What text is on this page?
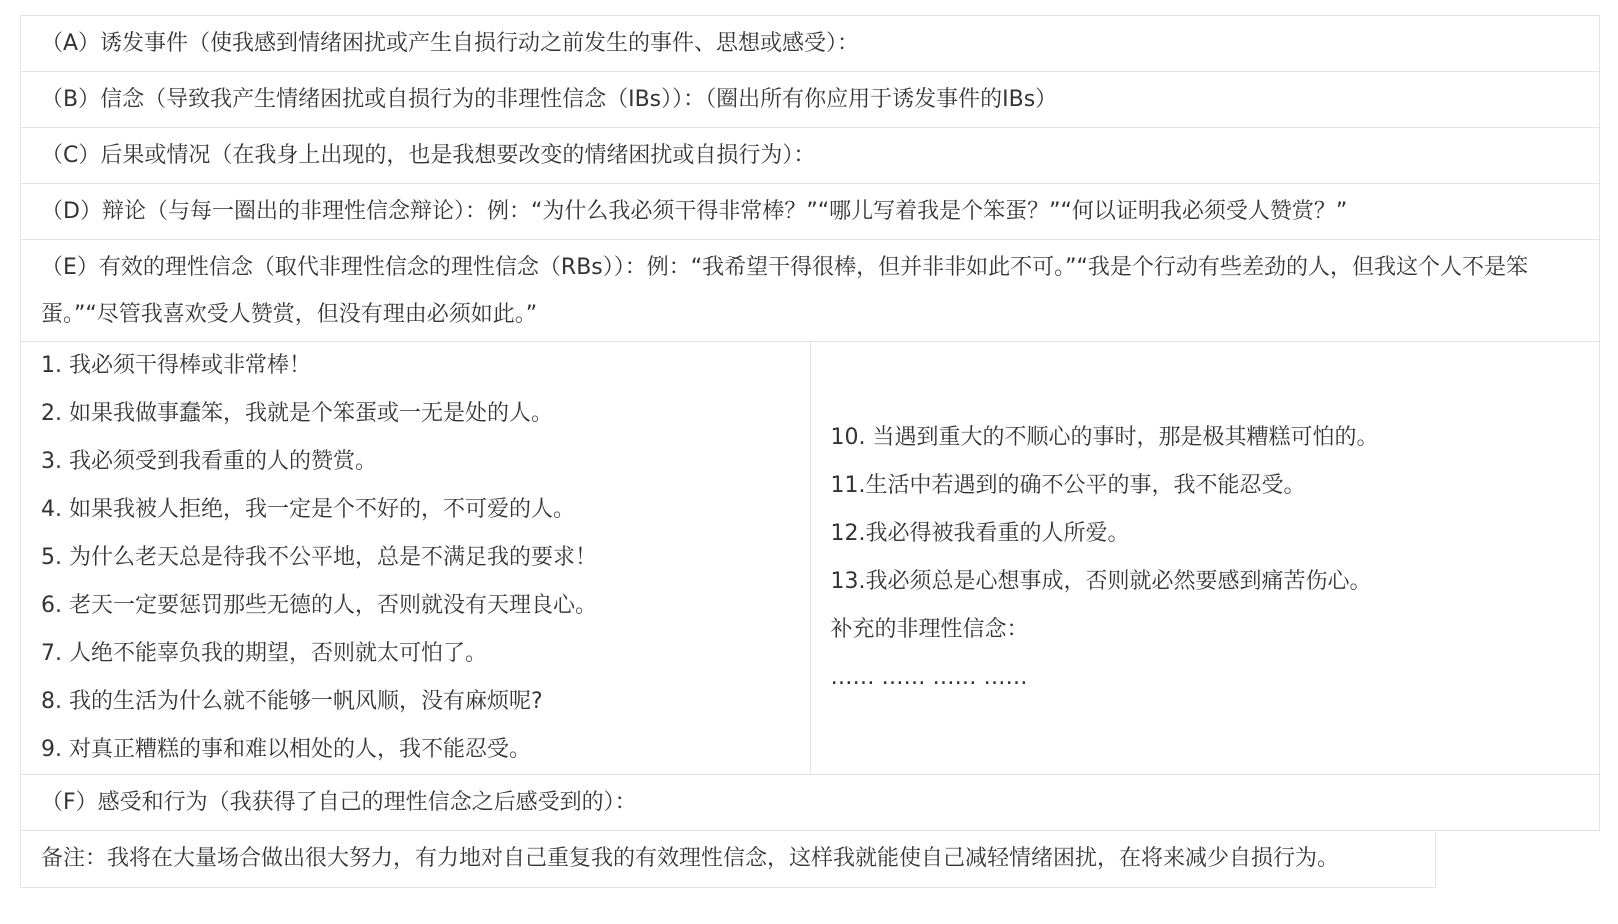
（A）诱发事件（使我感到情绪困扰或产生自损行动之前发生的事件、思想或感受）：
（B）信念（导致我产生情绪困扰或自损行为的非理性信念（IBs））：（圈出所有你应用于诱发事件的IBs）
（C）后果或情况（在我身上出现的，也是我想要改变的情绪困扰或自损行为）：
（D）辩论（与每一圈出的非理性信念辩论）：例：“为什么我必须干得非常棒？”“哪儿写着我是个笨蛋？”“何以证明我必须受人赞赏？”
（E）有效的理性信念（取代非理性信念的理性信念（RBs））：例：“我希望干得很棒，但并非非如此不可。”“我是个行动有些差劲的人，但我这个人不是笨蛋。”“尽管我喜欢受人赞赏，但没有理由必须如此。”

1. 我必须干得棒或非常棒！
2. 如果我做事蠢笨，我就是个笨蛋或一无是处的人。
3. 我必须受到我看重的人的赞赏。
4. 如果我被人拒绝，我一定是个不好的，不可爱的人。
5. 为什么老天总是待我不公平地，总是不满足我的要求！
6. 老天一定要惩罚那些无德的人，否则就没有天理良心。
7. 人绝不能辜负我的期望，否则就太可怕了。
8. 我的生活为什么就不能够一帆风顺，没有麻烦呢?
9. 对真正糟糕的事和难以相处的人，我不能忍受。

10. 当遇到重大的不顺心的事时，那是极其糟糕可怕的。
11.生活中若遇到的确不公平的事，我不能忍受。
12.我必得被我看重的人所爱。
13.我必须总是心想事成，否则就必然要感到痛苦伤心。
补充的非理性信念：
…… …… …… ……

（F）感受和行为（我获得了自己的理性信念之后感受到的）：
备注：我将在大量场合做出很大努力，有力地对自己重复我的有效理性信念，这样我就能使自己减轻情绪困扰，在将来减少自损行为。
